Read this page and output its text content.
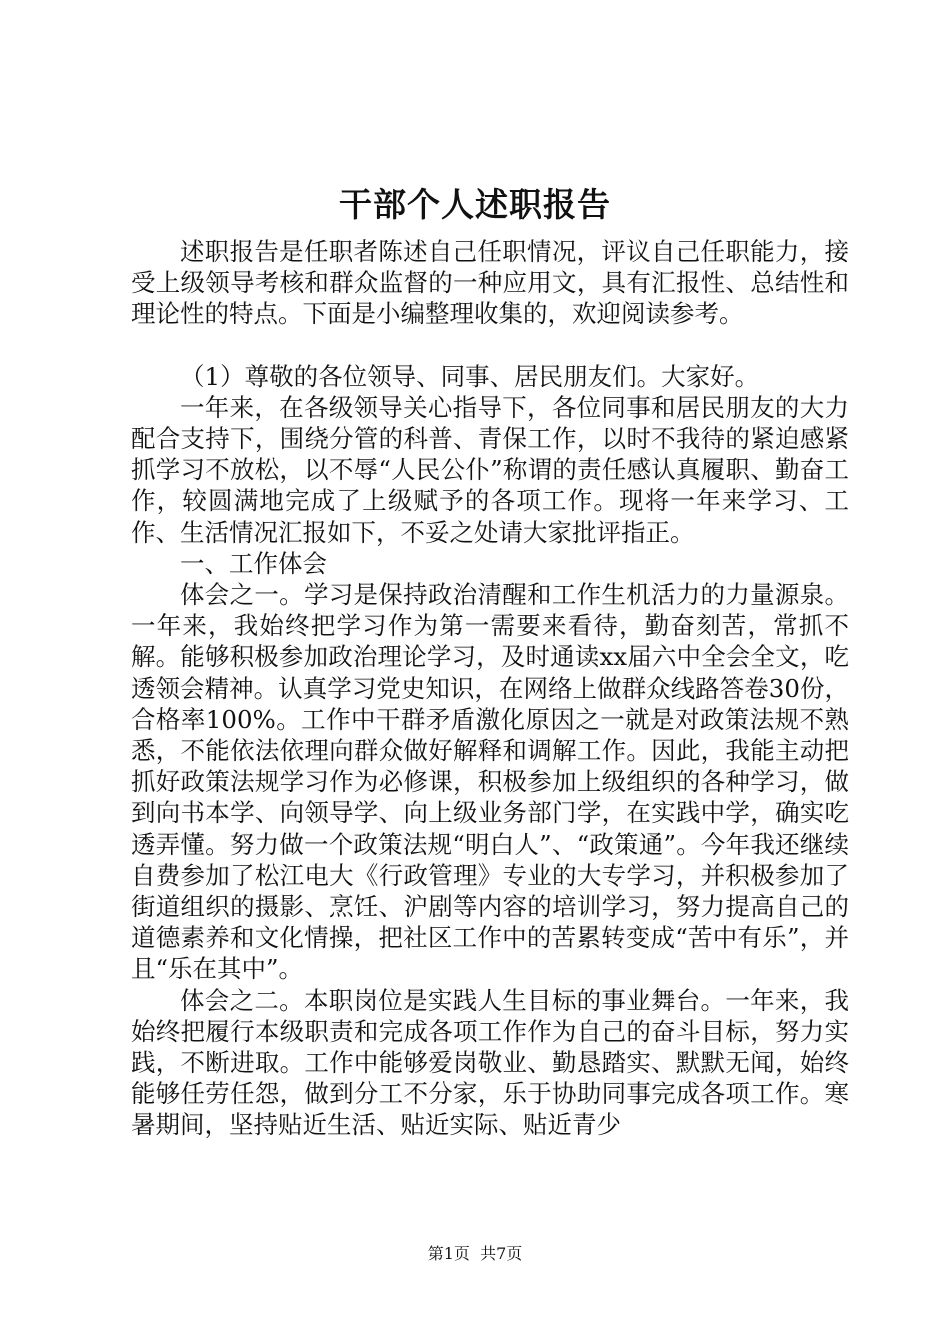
干部个人述职报告

述职报告是任职者陈述自己任职情况，评议自己任职能力，接受上级领导考核和群众监督的一种应用文，具有汇报性、总结性和理论性的特点。下面是小编整理收集的，欢迎阅读参考。

（1）尊敬的各位领导、同事、居民朋友们。大家好。

一年来，在各级领导关心指导下，各位同事和居民朋友的大力配合支持下，围绕分管的科普、青保工作，以时不我待的紧迫感紧抓学习不放松，以不辱“人民公仆”称谓的责任感认真履职、勤奋工作，较圆满地完成了上级赋予的各项工作。现将一年来学习、工作、生活情况汇报如下，不妥之处请大家批评指正。

一、工作体会

体会之一。学习是保持政治清醒和工作生机活力的力量源泉。一年来，我始终把学习作为第一需要来看待，勤奋刻苦，常抓不解。能够积极参加政治理论学习，及时通读xx届六中全会全文，吃透领会精神。认真学习党史知识，在网络上做群众线路答卷30份，合格率100%。工作中干群矛盾激化原因之一就是对政策法规不熟悉，不能依法依理向群众做好解释和调解工作。因此，我能主动把抓好政策法规学习作为必修课，积极参加上级组织的各种学习，做到向书本学、向领导学、向上级业务部门学，在实践中学，确实吃透弄懂。努力做一个政策法规“明白人”、“政策通”。今年我还继续自费参加了松江电大《行政管理》专业的大专学习，并积极参加了街道组织的摄影、烹饪、沪剧等内容的培训学习，努力提高自己的道德素养和文化情操，把社区工作中的苦累转变成“苦中有乐”，并且“乐在其中”。

体会之二。本职岗位是实践人生目标的事业舞台。一年来，我始终把履行本级职责和完成各项工作作为自己的奋斗目标，努力实践，不断进取。工作中能够爱岗敬业、勤恳踏实、默默无闻，始终能够任劳任怨，做到分工不分家，乐于协助同事完成各项工作。寒暑期间，坚持贴近生活、贴近实际、贴近青少

第1页 共7页
